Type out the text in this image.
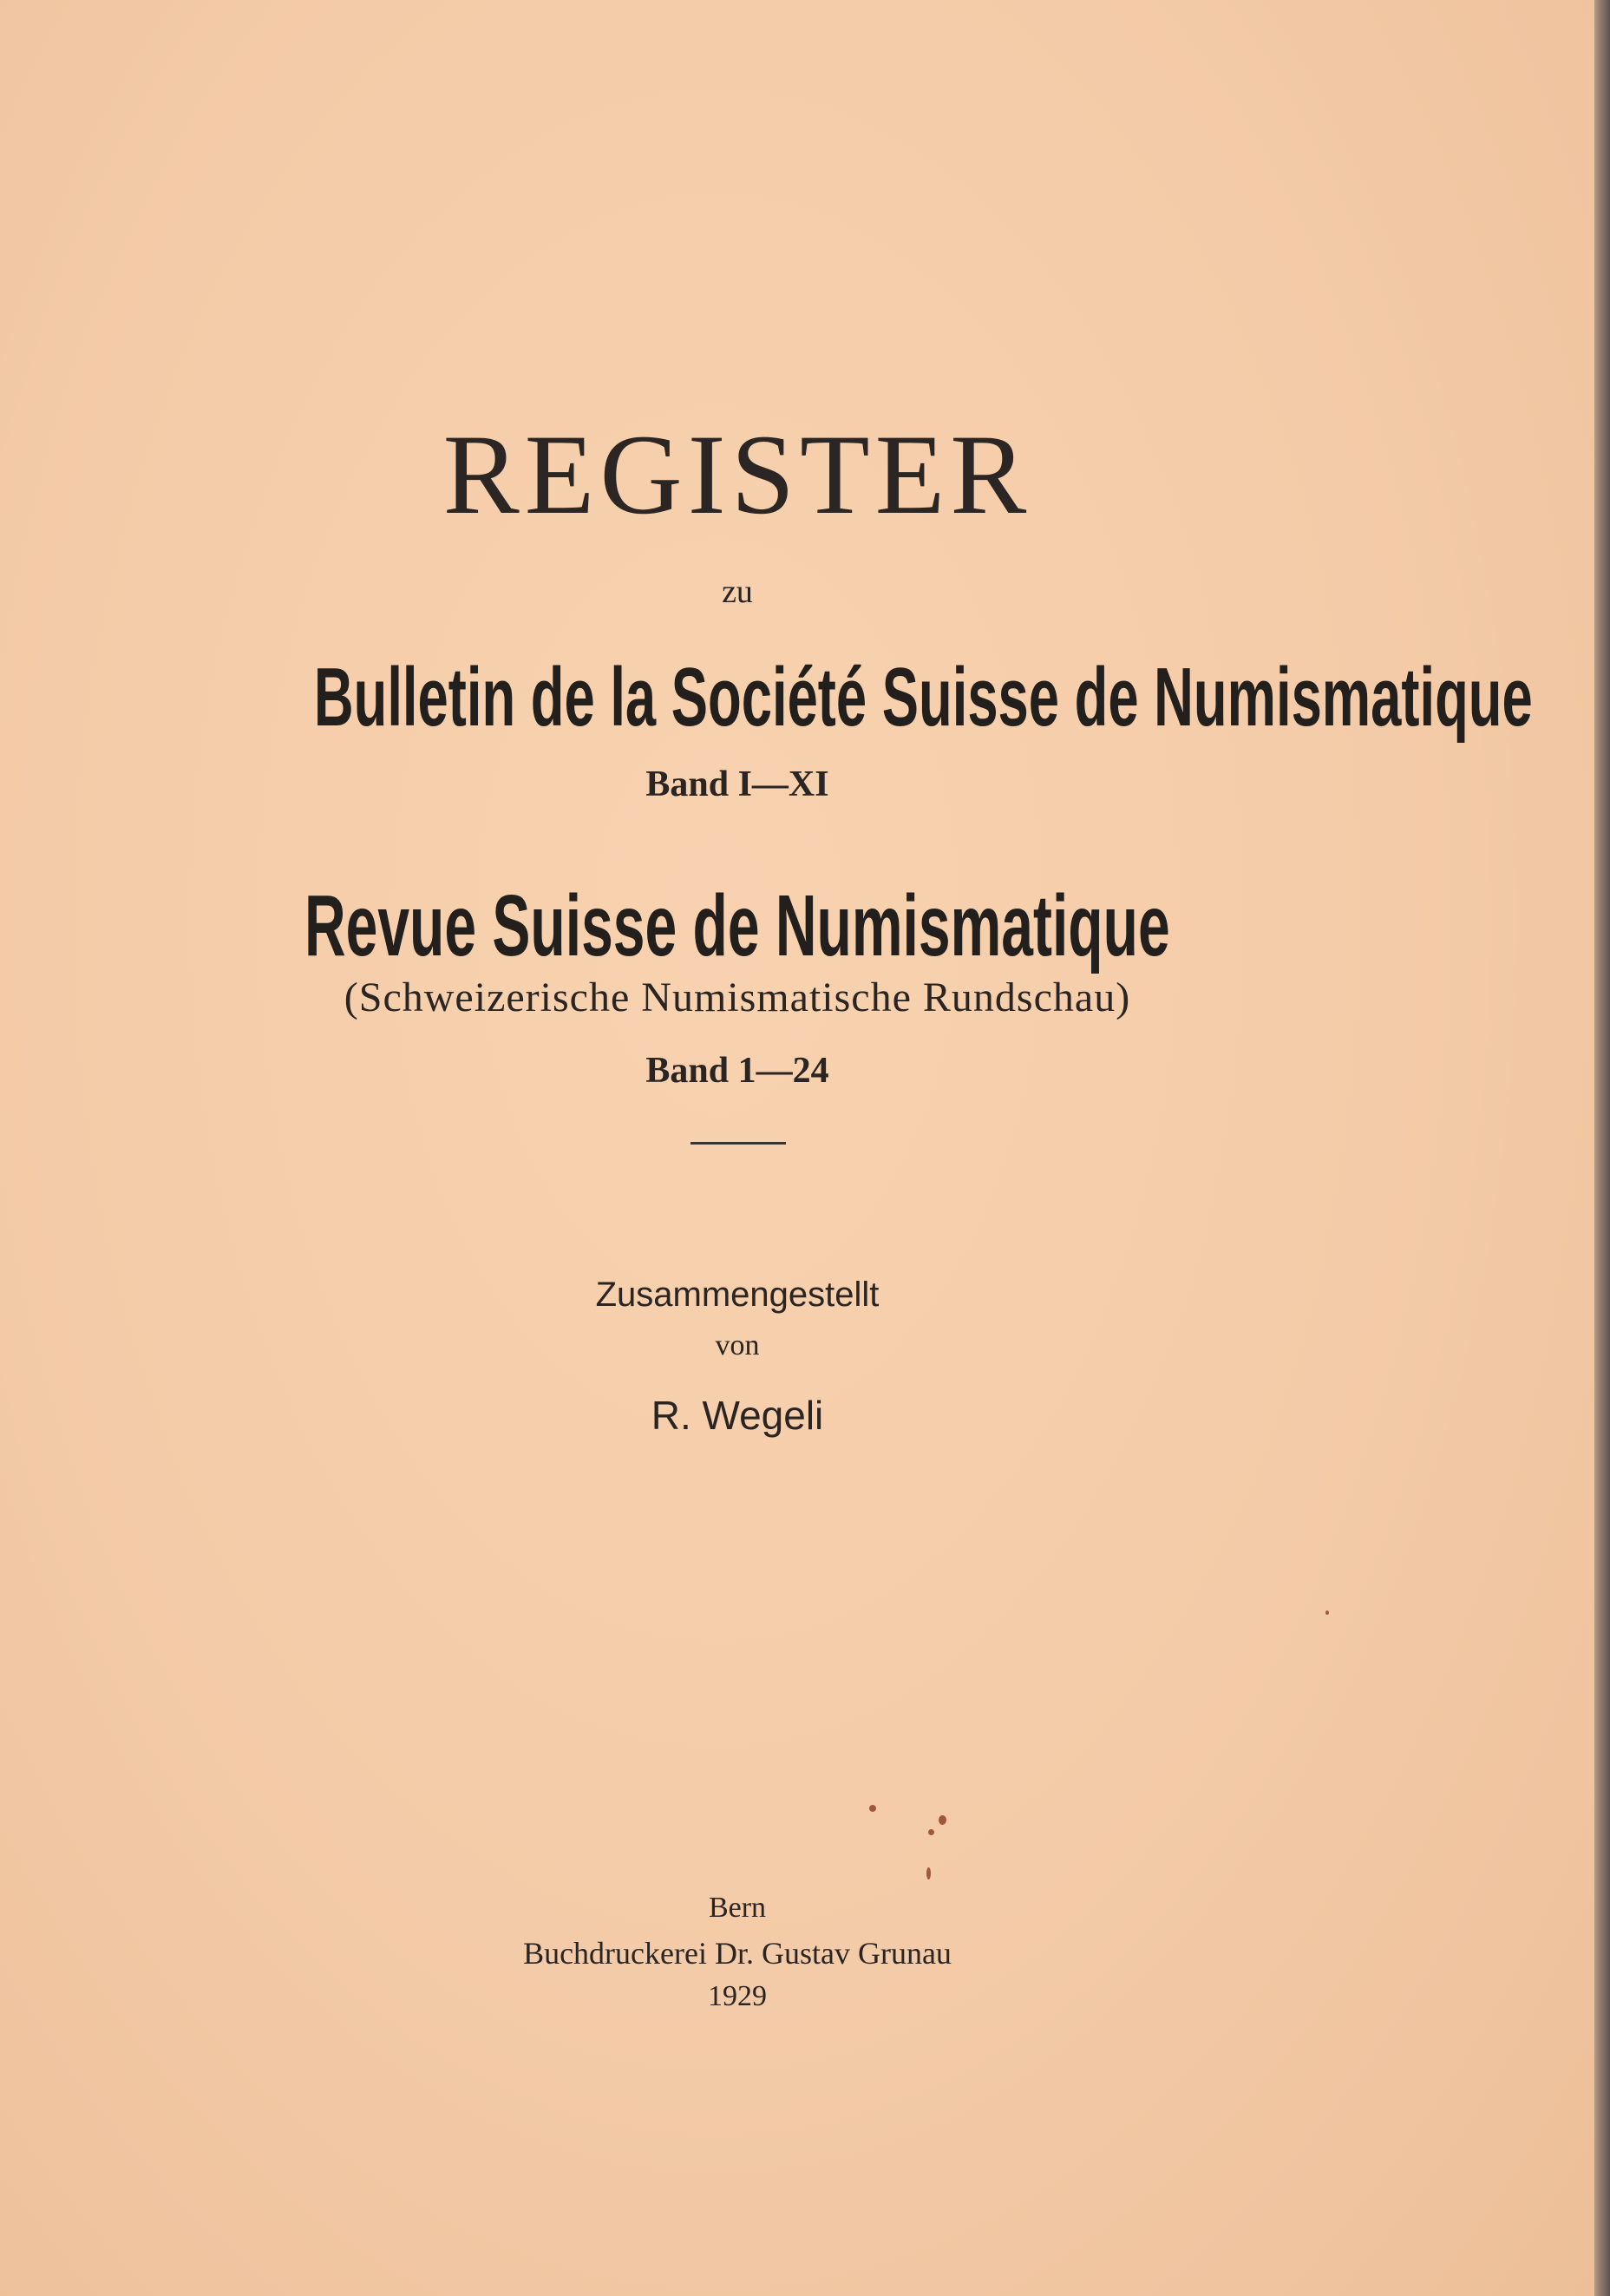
REGISTER
zu
Bulletin de la Société Suisse de Numismatique
Band I—XI
Revue Suisse de Numismatique
(Schweizerische Numismatische Rundschau)
Band 1—24
Zusammengestellt
von
R. Wegeli
Bern
Buchdruckerei Dr. Gustav Grunau
1929
